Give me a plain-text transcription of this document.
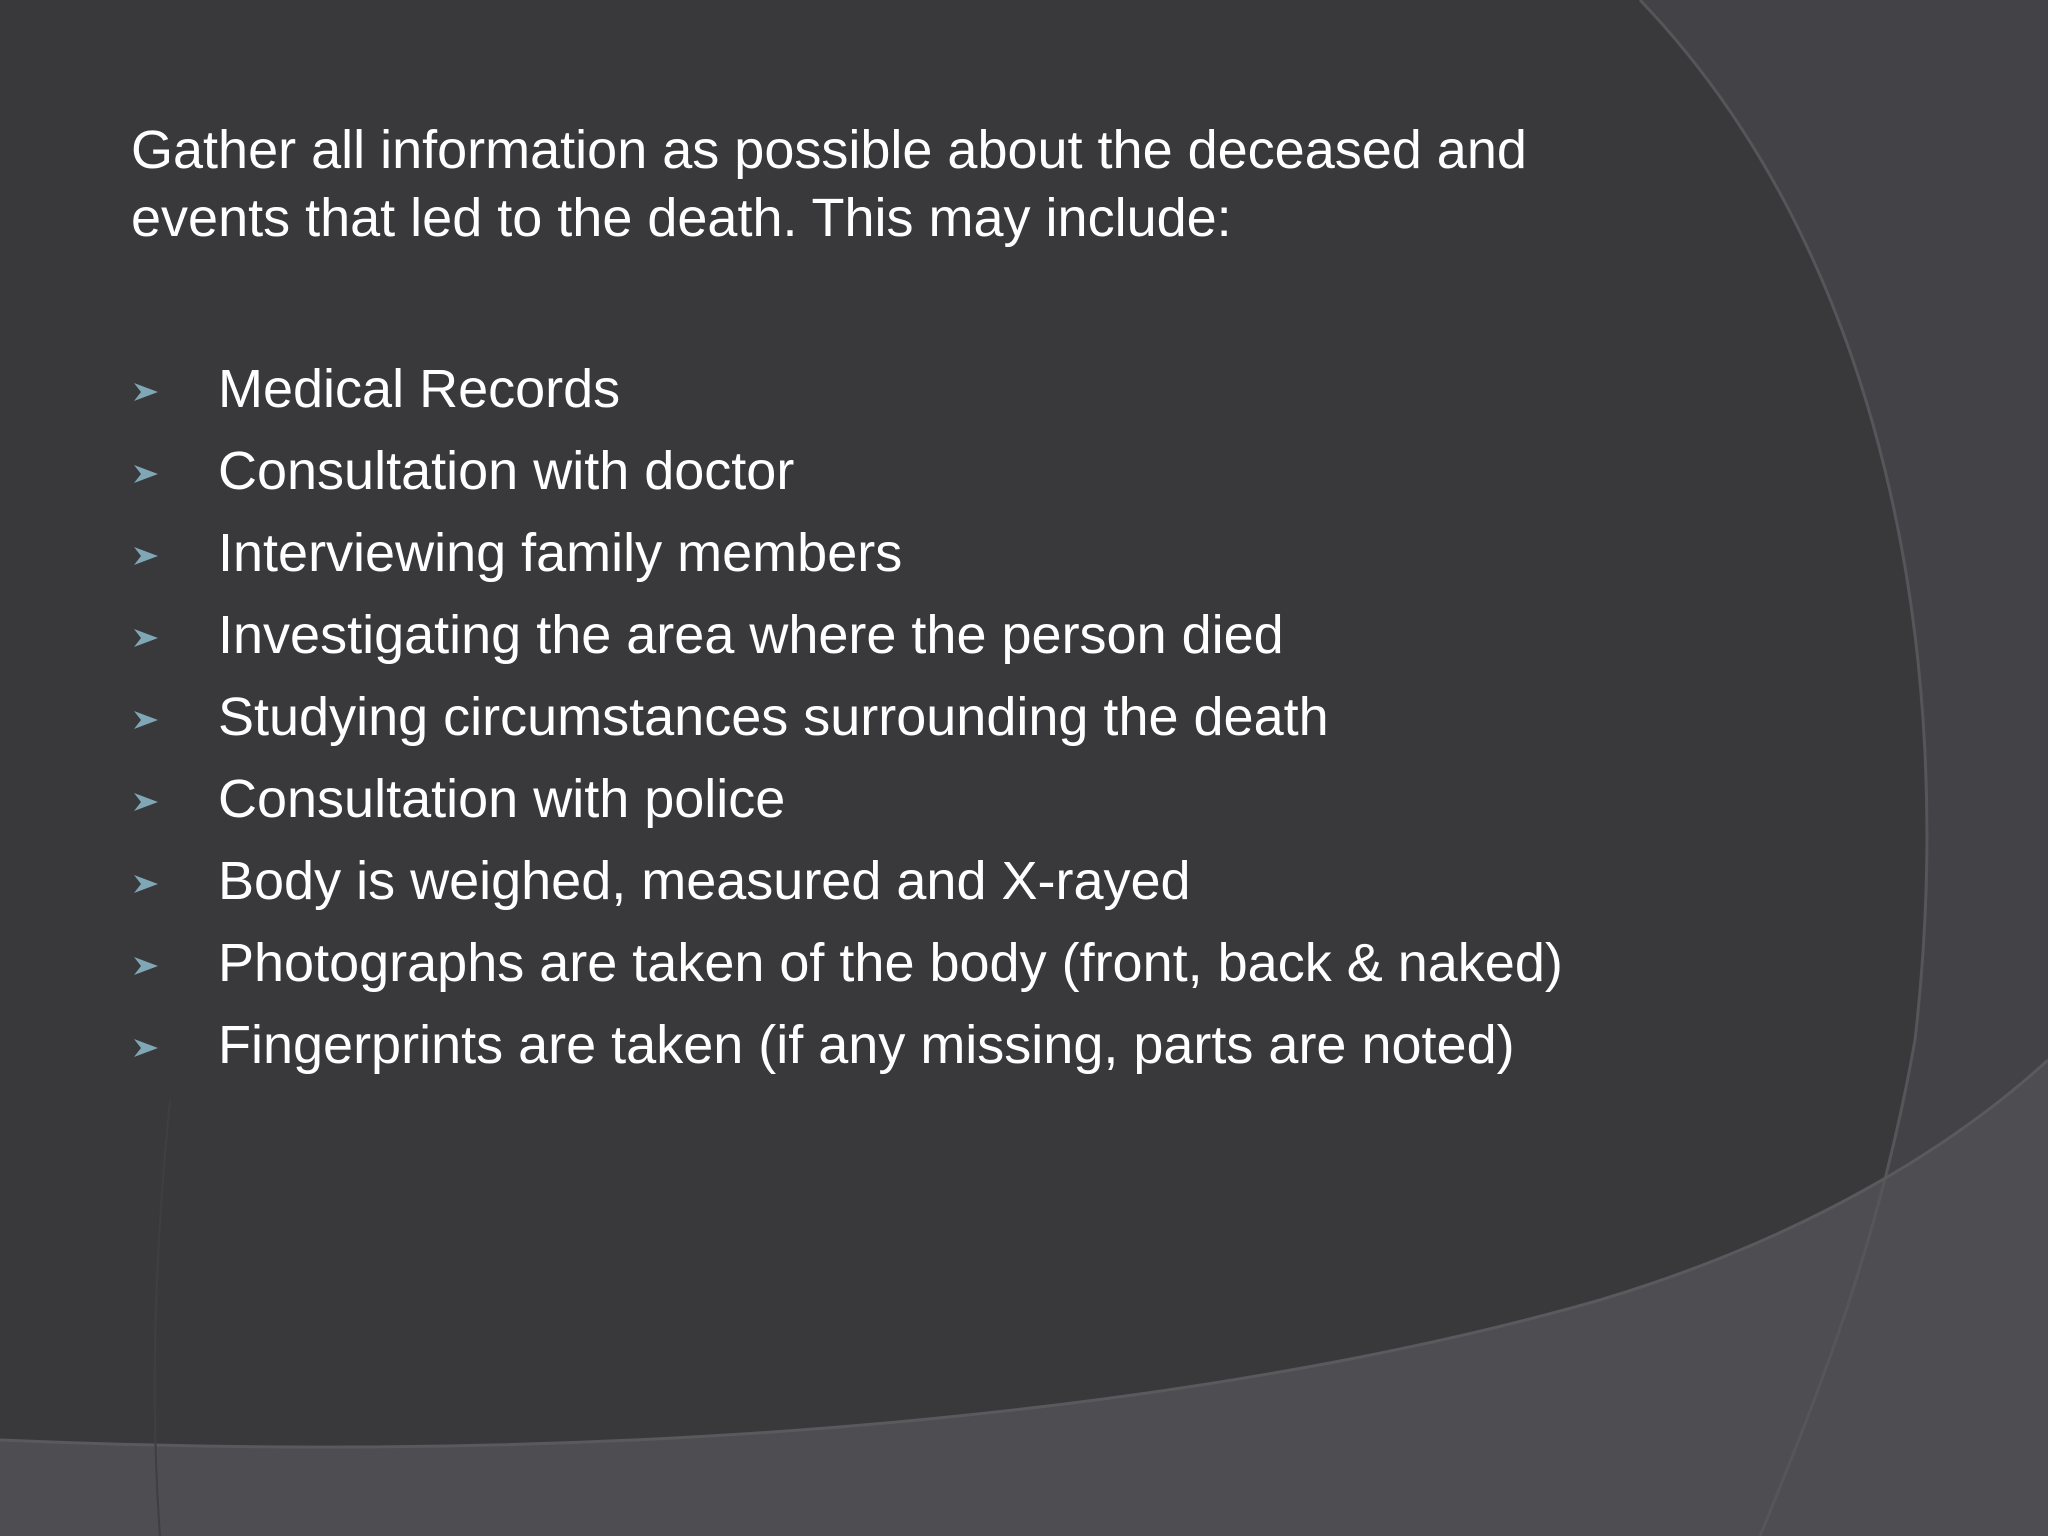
Gather all information as possible about the deceased and events that led to the death. This may include:

Medical Records
Consultation with doctor
Interviewing family members
Investigating the area where the person died
Studying circumstances surrounding the death
Consultation with police
Body is weighed, measured and X-rayed
Photographs are taken of the body (front, back & naked)
Fingerprints are taken (if any missing, parts are noted)
